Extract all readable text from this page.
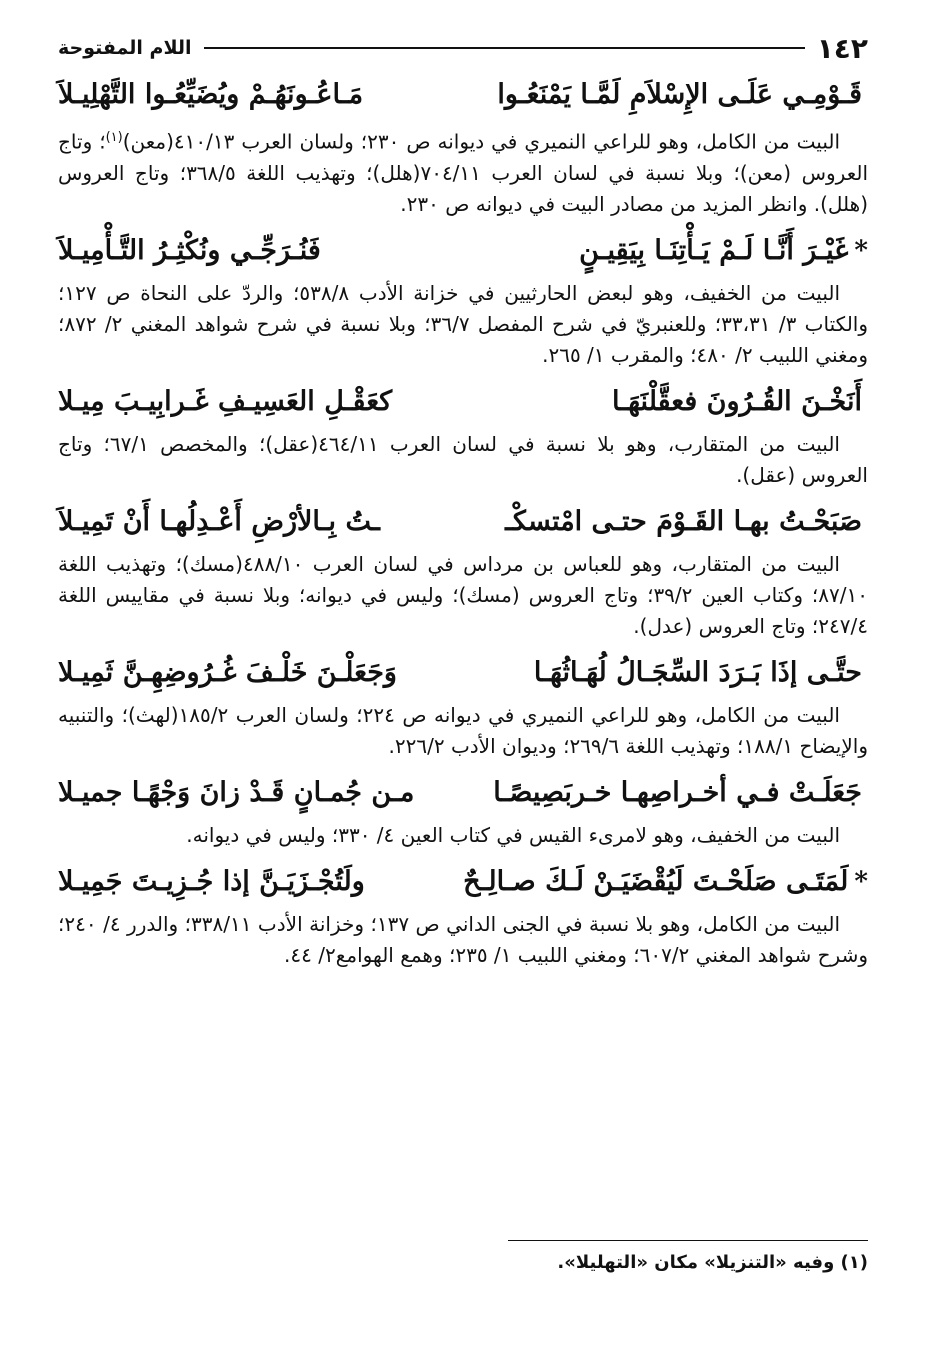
١٤٢
اللام المفتوحة
قَـوْمِـي عَلَـى الإِسْلاَمِ لَمَّـا يَمْنَعُـوا
مَـاعُـونَهُـمْ ويُضَيِّعُـوا التَّهْلِيـلاَ

البيت من الكامل، وهو للراعي النميري في ديوانه ص ٢٣٠؛ ولسان العرب ٤١٠/١٣(معن)$^{(١)}$؛ وتاج العروس (معن)؛ وبلا نسبة في لسان العرب ٧٠٤/١١(هلل)؛ وتهذيب اللغة ٣٦٨/٥؛ وتاج العروس (هلل). وانظر المزيد من مصادر البيت في ديوانه ص ٢٣٠.

*غَيْـرَ أَنَّـا لَـمْ يَـأْتِنَـا بِيَقِيـنٍ
فَنُـرَجِّـي ونُكْثِـرُ التَّـأْمِيـلاَ

البيت من الخفيف، وهو لبعض الحارثيين في خزانة الأدب ٥٣٨/٨؛ والردّ على النحاة ص ١٢٧؛ والكتاب ٣/ ٣٣،٣١؛ وللعنبريّ في شرح المفصل ٣٦/٧؛ وبلا نسبة في شرح شواهد المغني ٢/ ٨٧٢؛ ومغني اللبيب ٢/ ٤٨٠؛ والمقرب ١/ ٢٦٥.

أَنَخْـنَ القُـرُونَ فعقَّلْنَهَـا
كعَقْـلِ العَسِيـفِ غَـرابِيـبَ مِيـلا

البيت من المتقارب، وهو بلا نسبة في لسان العرب ٤٦٤/١١(عقل)؛ والمخصص ٦٧/١؛ وتاج العروس (عقل).

صَبَحْـتُ بهـا القَـوْمَ حتـى امْتسكْـ
ـتُ بِـالأرْضِ أَعْـدِلُهـا أَنْ تَمِيـلاَ

البيت من المتقارب، وهو للعباس بن مرداس في لسان العرب ٤٨٨/١٠(مسك)؛ وتهذيب اللغة ٨٧/١٠؛ وكتاب العين ٣٩/٢؛ وتاج العروس (مسك)؛ وليس في ديوانه؛ وبلا نسبة في مقاييس اللغة ٢٤٧/٤؛ وتاج العروس (عدل).

حتَّـى إذَا بَـرَدَ السِّجَـالُ لُهَـاثُهَـا
وَجَعَلْـنَ خَلْـفَ غُـرُوضِهِـنَّ ثَمِيـلا

البيت من الكامل، وهو للراعي النميري في ديوانه ص ٢٢٤؛ ولسان العرب ١٨٥/٢(لهث)؛ والتنبيه والإيضاح ١٨٨/١؛ وتهذيب اللغة ٢٦٩/٦؛ وديوان الأدب ٢٢٦/٢.

جَعَلَـتْ فـي أخـراصِهـا خـربَصِيصًـا
مـن جُمـانٍ قَـدْ زانَ وَجْهًـا جميـلا

البيت من الخفيف، وهو لامرىء القيس في كتاب العين ٤/ ٣٣٠؛ وليس في ديوانه.

*لَمَتَـى صَلَحْـتَ لَيُقْضَيَـنْ لَـكَ صـالِـحٌ
ولَتُجْـزَيَـنَّ إذا جُـزِيـتَ جَمِيـلا

البيت من الكامل، وهو بلا نسبة في الجنى الداني ص ١٣٧؛ وخزانة الأدب ٣٣٨/١١؛ والدرر ٤/ ٢٤٠؛ وشرح شواهد المغني ٦٠٧/٢؛ ومغني اللبيب ١/ ٢٣٥؛ وهمع الهوامع٢/ ٤٤.

(١) وفيه «التنزيلا» مكان «التهليلا».
